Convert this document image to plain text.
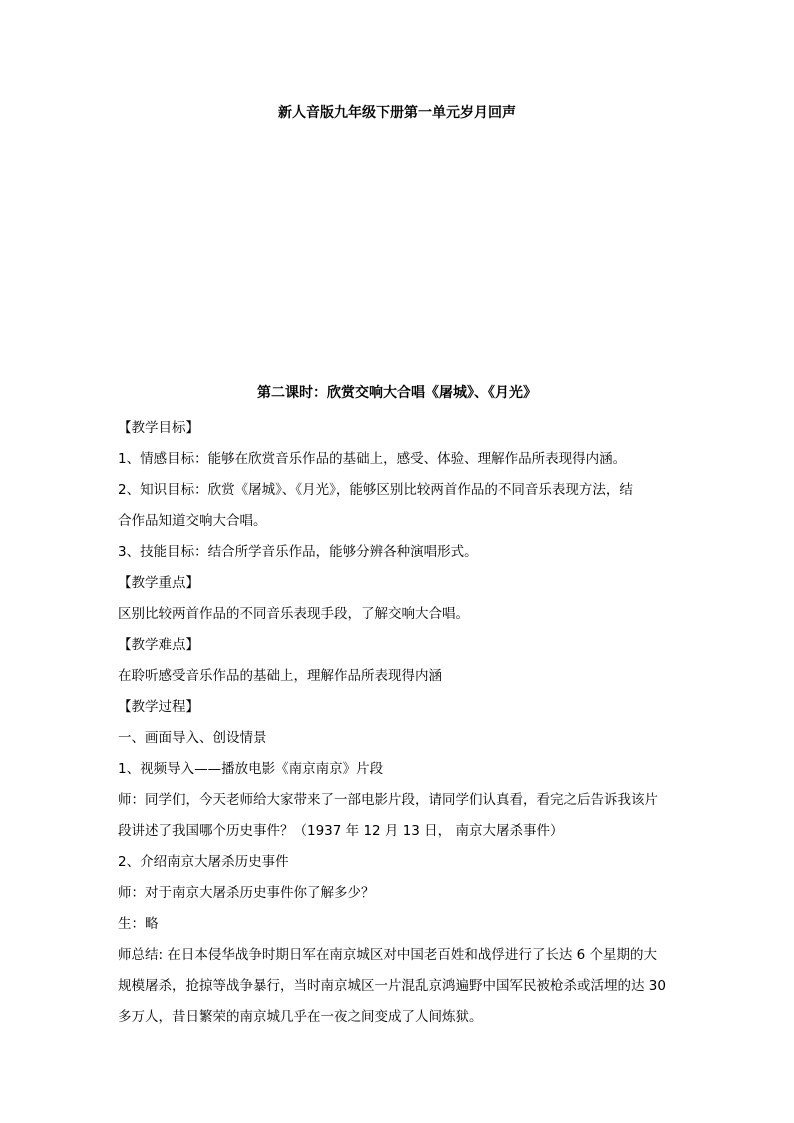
新人音版九年级下册第一单元岁月回声
第二课时：欣赏交响大合唱《屠城》、《月光》

【教学目标】

1、情感目标：能够在欣赏音乐作品的基础上，感受、体验、理解作品所表现得内涵。

2、知识目标：欣赏《屠城》、《月光》，能够区别比较两首作品的不同音乐表现方法，结

合作品知道交响大合唱。

3、技能目标：结合所学音乐作品，能够分辨各种演唱形式。

【教学重点】

区别比较两首作品的不同音乐表现手段，了解交响大合唱。

【教学难点】

在聆听感受音乐作品的基础上，理解作品所表现得内涵

【教学过程】

一、画面导入、创设情景

1、视频导入——播放电影《南京南京》片段

师：同学们，今天老师给大家带来了一部电影片段，请同学们认真看，看完之后告诉我该片

段讲述了我国哪个历史事件？（1937 年 12 月 13 日， 南京大屠杀事件）

2、介绍南京大屠杀历史事件

师：对于南京大屠杀历史事件你了解多少？

生：略

师总结: 在日本侵华战争时期日军在南京城区对中国老百姓和战俘进行了长达 6 个星期的大

规模屠杀，抢掠等战争暴行，当时南京城区一片混乱京鸿遍野中国军民被枪杀或活埋的达 30

多万人，昔日繁荣的南京城几乎在一夜之间变成了人间炼狱。
